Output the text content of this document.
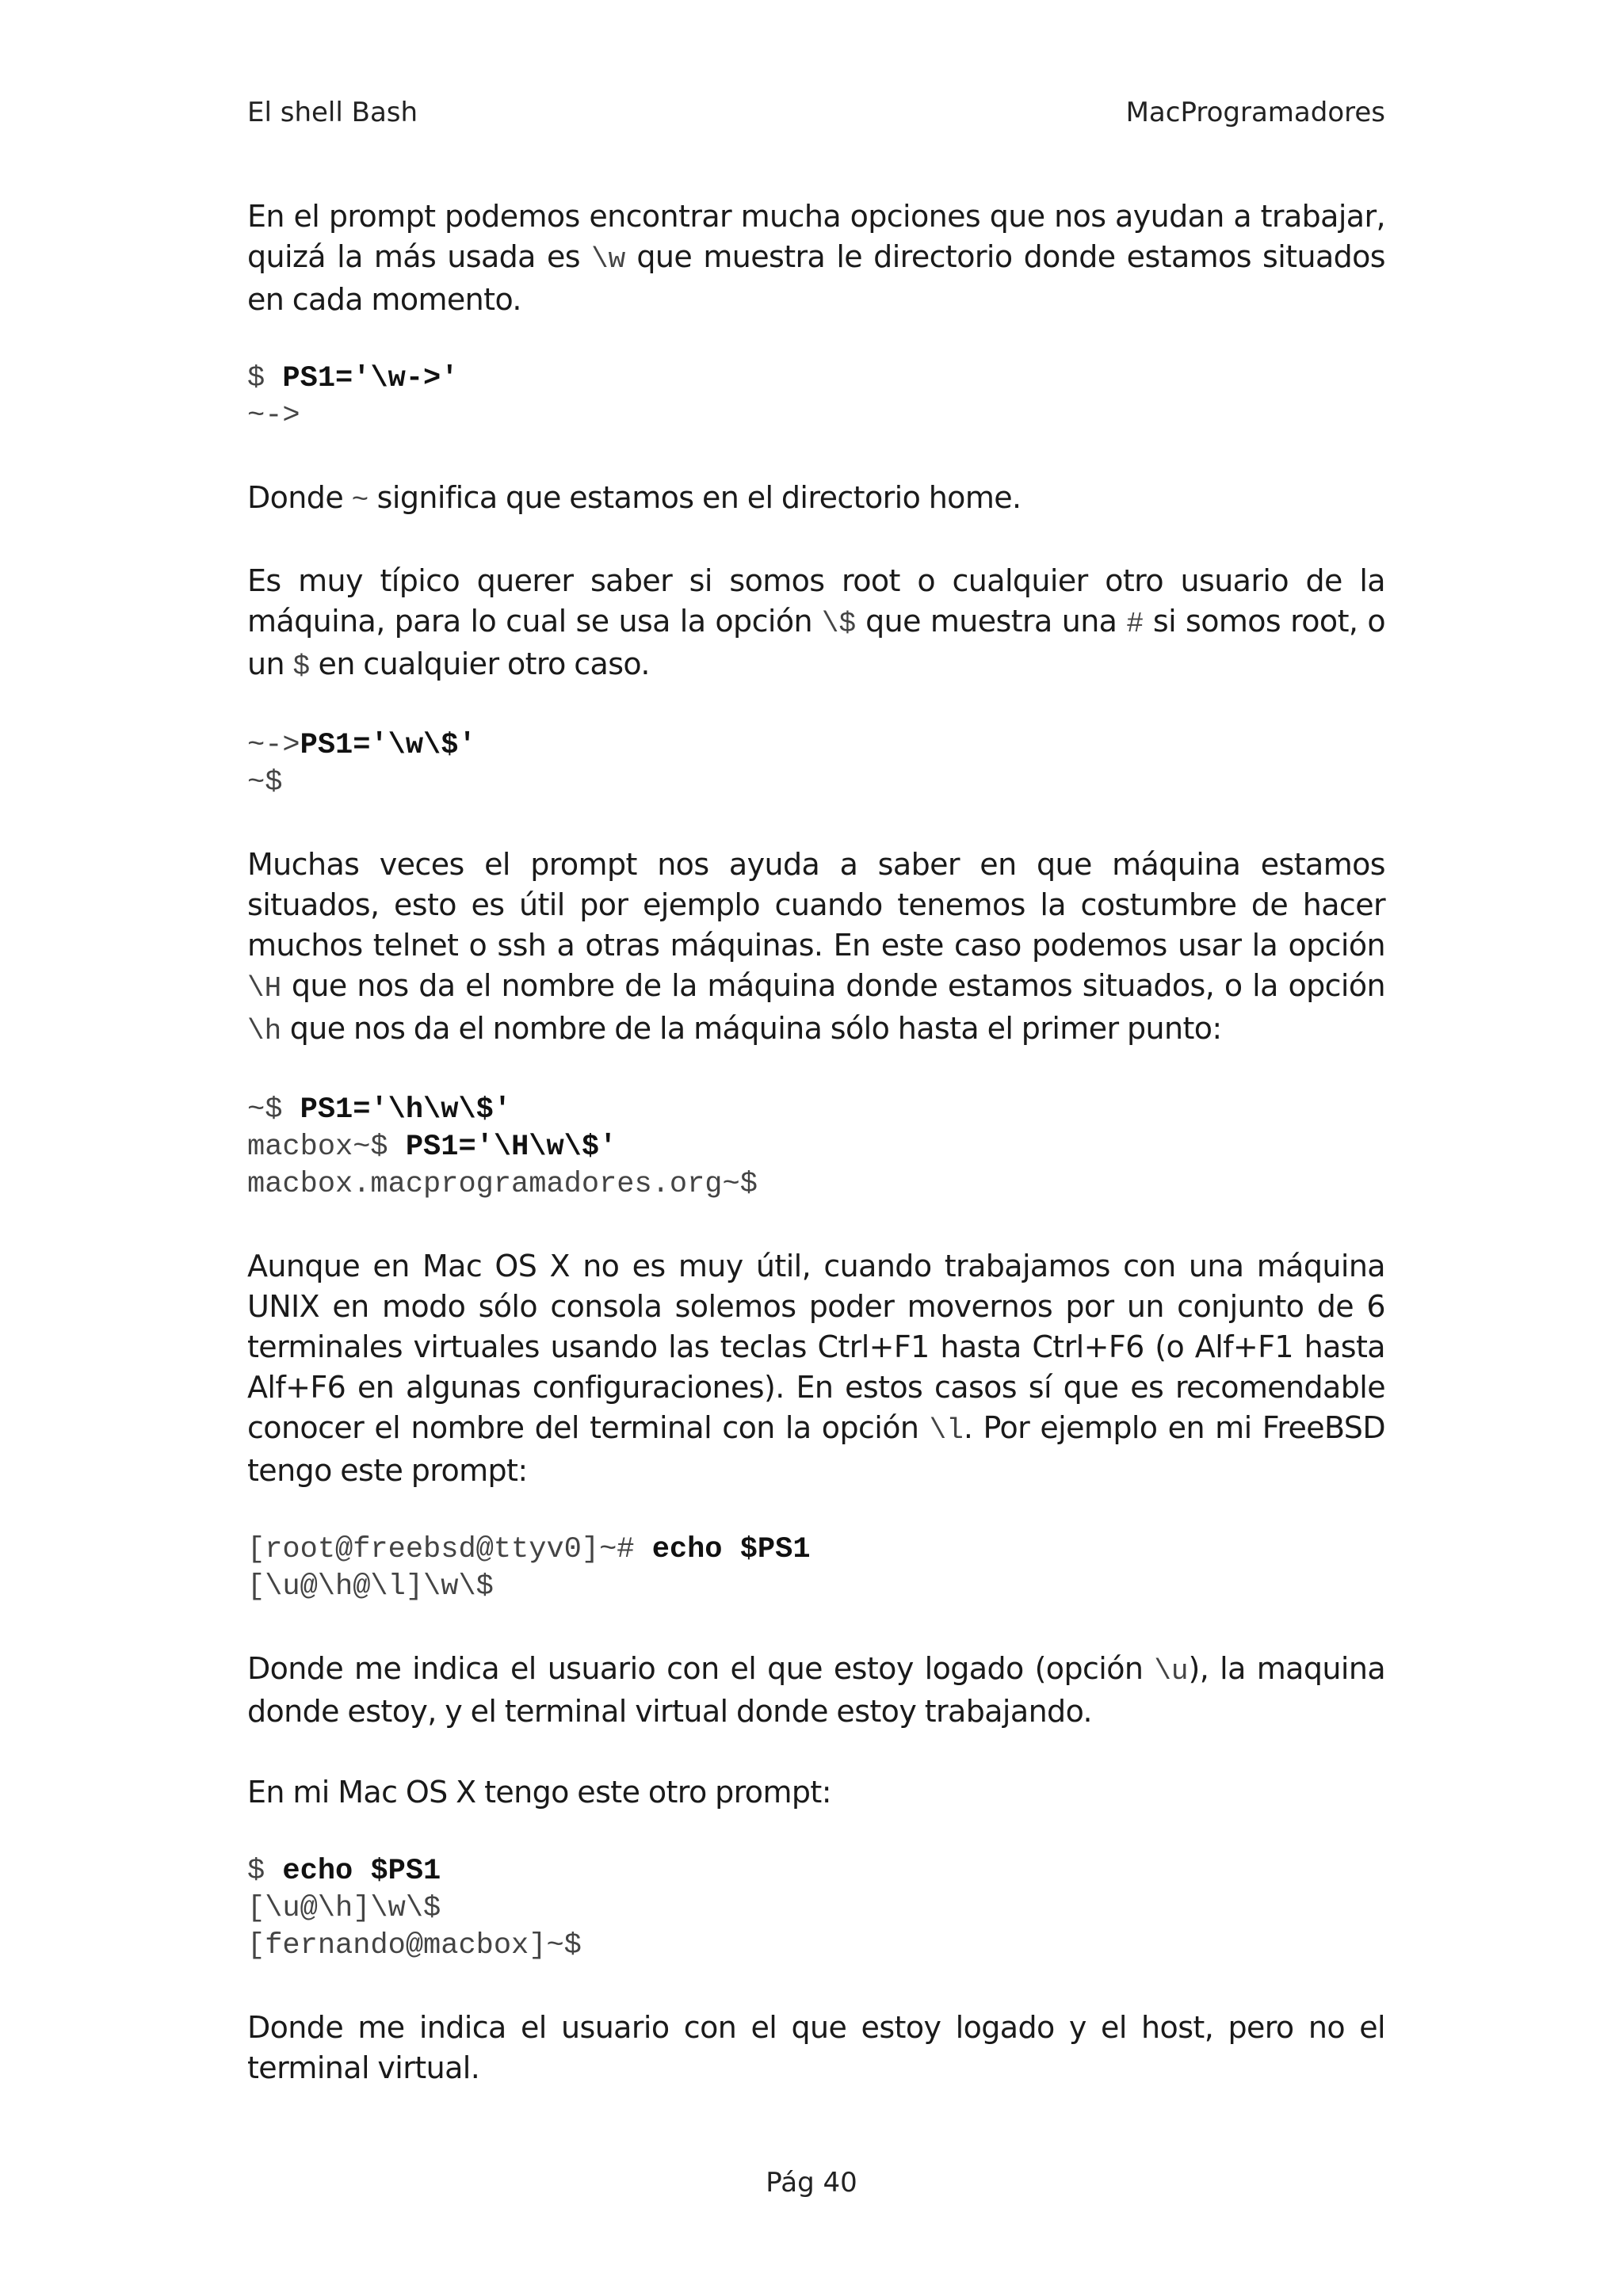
El shell Bash	MacProgramadores

En el prompt podemos encontrar mucha opciones que nos ayudan a trabajar, quizá la más usada es \w que muestra le directorio donde estamos situados en cada momento.

$ PS1='\w->'
~->

Donde ~ significa que estamos en el directorio home.

Es muy típico querer saber si somos root o cualquier otro usuario de la máquina, para lo cual se usa la opción \$ que muestra una # si somos root, o un $ en cualquier otro caso.

~->PS1='\w\$'
~$

Muchas veces el prompt nos ayuda a saber en que máquina estamos situados, esto es útil por ejemplo cuando tenemos la costumbre de hacer muchos telnet o ssh a otras máquinas. En este caso podemos usar la opción \H que nos da el nombre de la máquina donde estamos situados, o la opción \h que nos da el nombre de la máquina sólo hasta el primer punto:

~$ PS1='\h\w\$'
macbox~$ PS1='\H\w\$'
macbox.macprogramadores.org~$

Aunque en Mac OS X no es muy útil, cuando trabajamos con una máquina UNIX en modo sólo consola solemos poder movernos por un conjunto de 6 terminales virtuales usando las teclas Ctrl+F1 hasta Ctrl+F6 (o Alf+F1 hasta Alf+F6 en algunas configuraciones). En estos casos sí que es recomendable conocer el nombre del terminal con la opción \l. Por ejemplo en mi FreeBSD tengo este prompt:

[root@freebsd@ttyv0]~# echo $PS1
[\u@\h@\l]\w\$

Donde me indica el usuario con el que estoy logado (opción \u), la maquina donde estoy, y el terminal virtual donde estoy trabajando.

En mi Mac OS X tengo este otro prompt:

$ echo $PS1
[\u@\h]\w\$
[fernando@macbox]~$

Donde me indica el usuario con el que estoy logado y el host, pero no el terminal virtual.

Pág 40
